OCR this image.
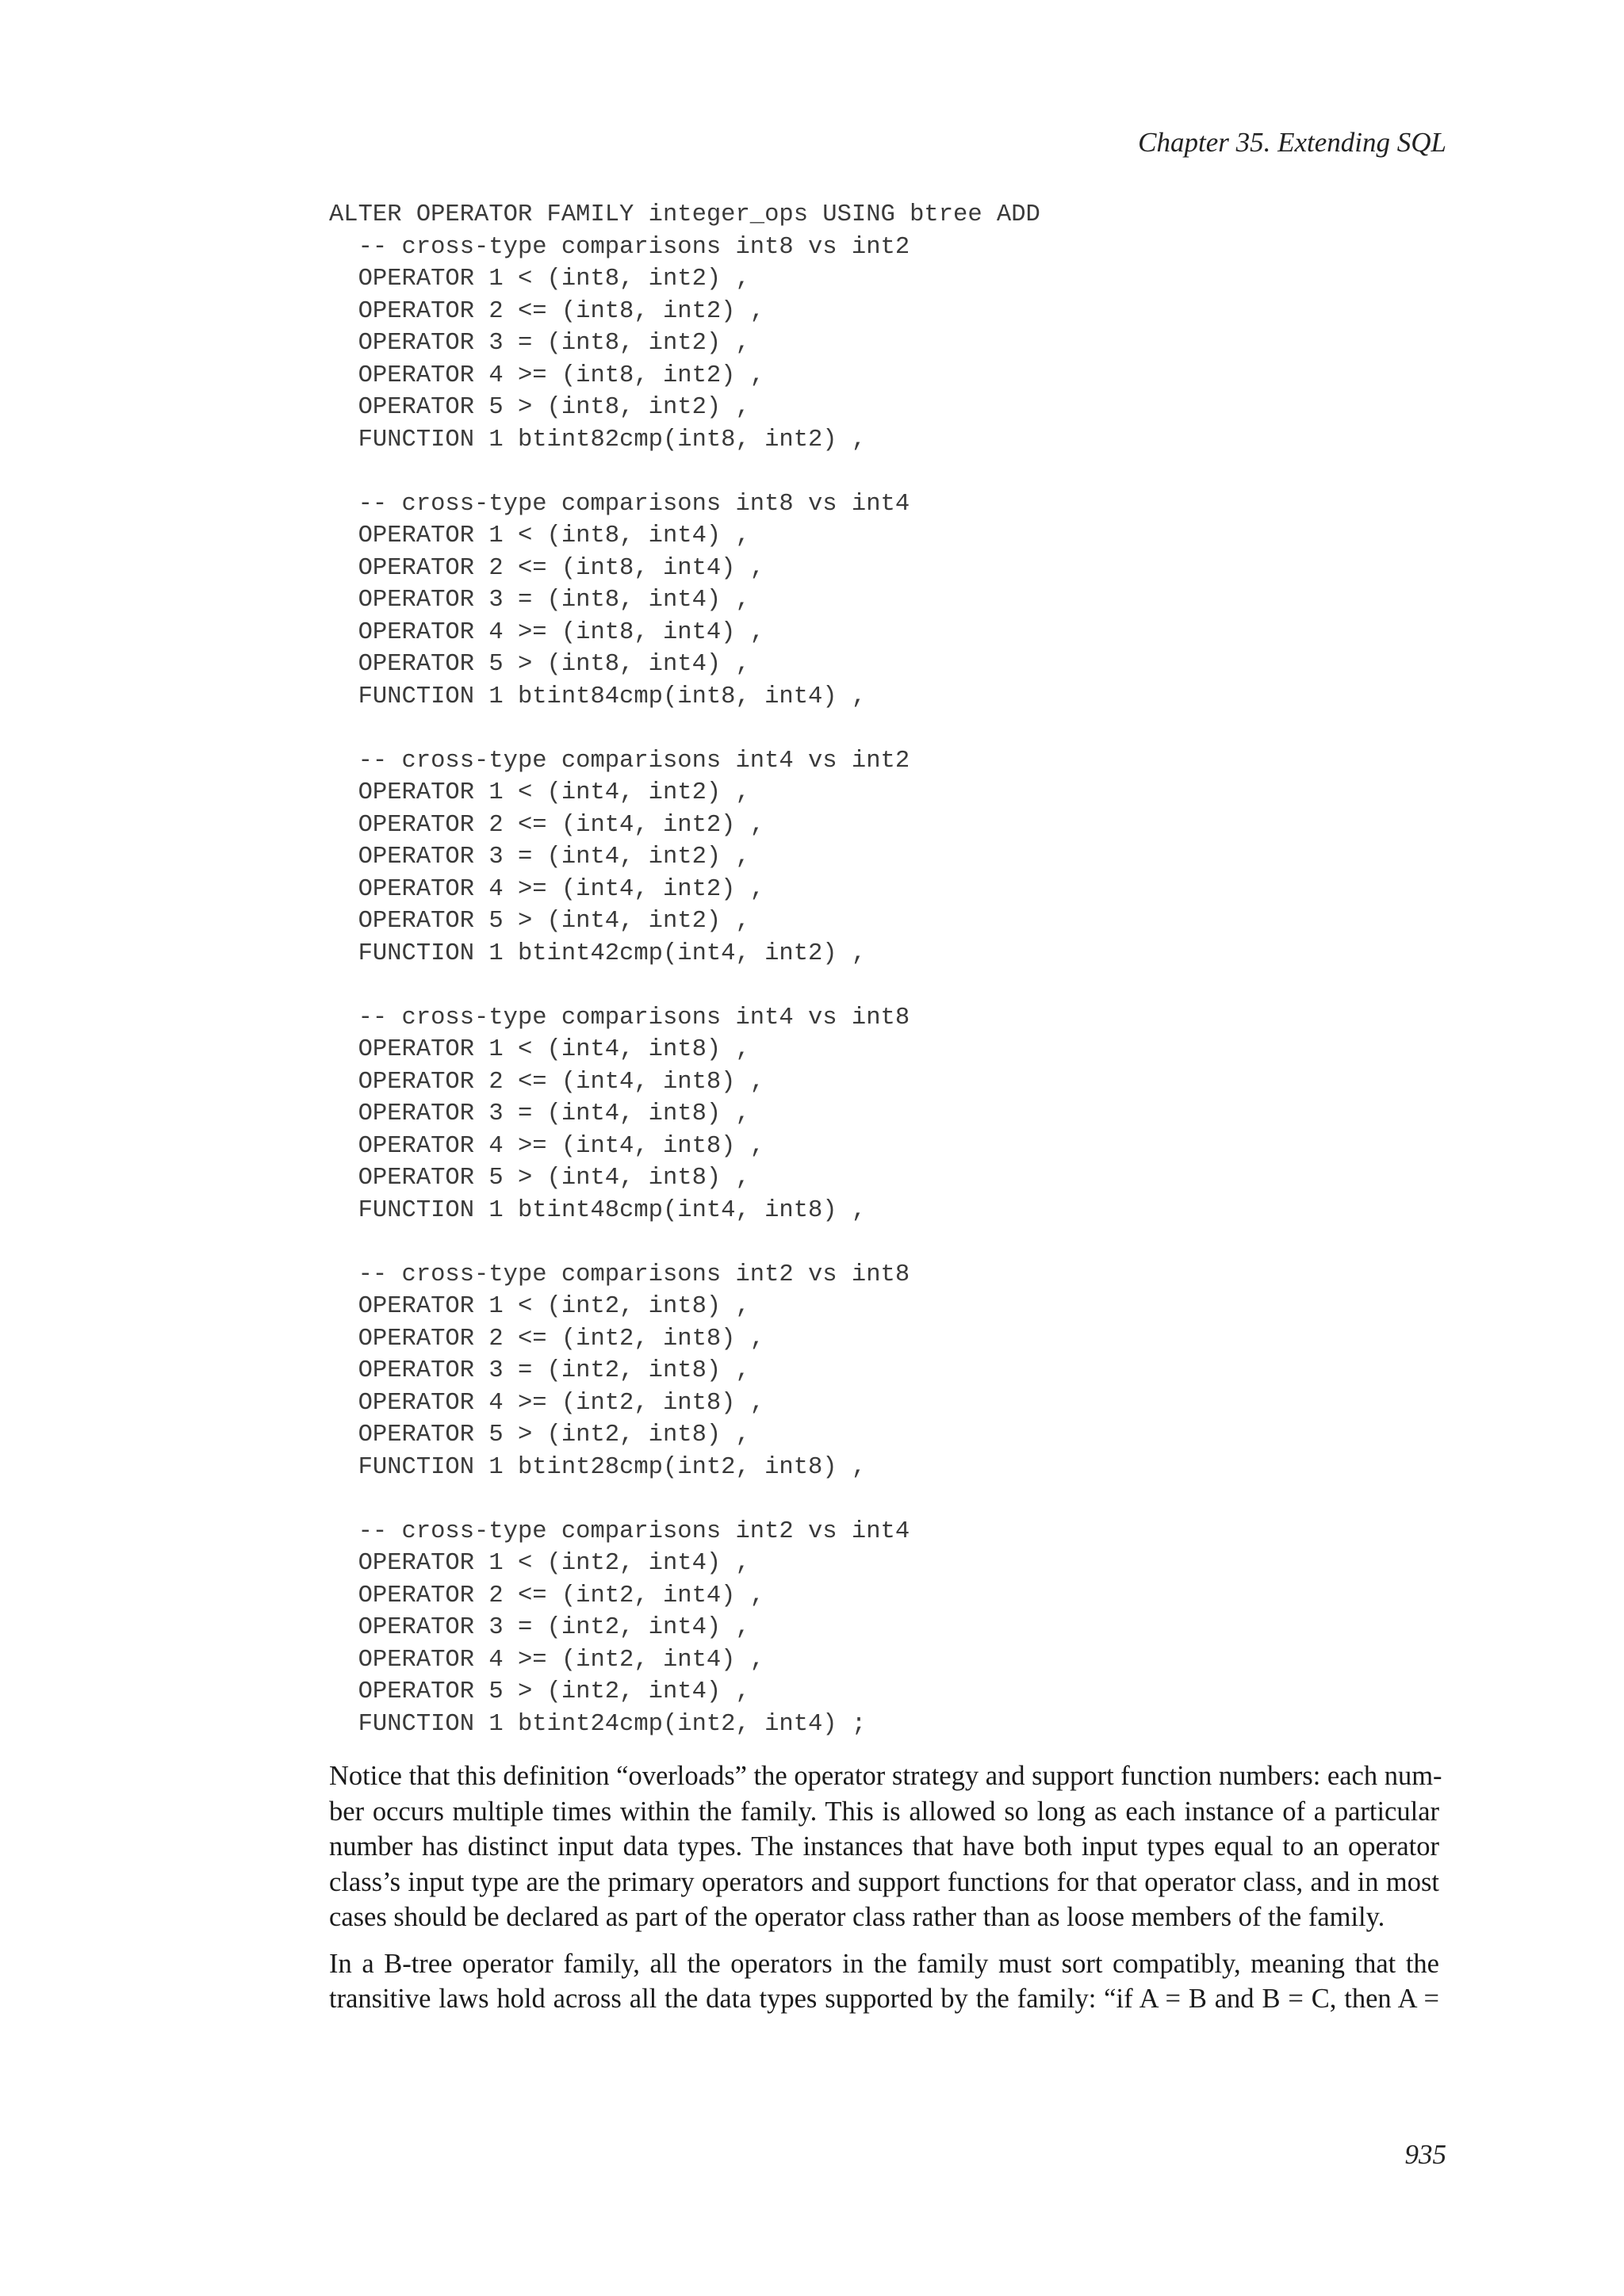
Chapter 35. Extending SQL
ALTER OPERATOR FAMILY integer_ops USING btree ADD
-- cross-type comparisons int8 vs int2
OPERATOR 1 < (int8, int2) ,
OPERATOR 2 <= (int8, int2) ,
OPERATOR 3 = (int8, int2) ,
OPERATOR 4 >= (int8, int2) ,
OPERATOR 5 > (int8, int2) ,
FUNCTION 1 btint82cmp(int8, int2) ,
-- cross-type comparisons int8 vs int4
OPERATOR 1 < (int8, int4) ,
OPERATOR 2 <= (int8, int4) ,
OPERATOR 3 = (int8, int4) ,
OPERATOR 4 >= (int8, int4) ,
OPERATOR 5 > (int8, int4) ,
FUNCTION 1 btint84cmp(int8, int4) ,
-- cross-type comparisons int4 vs int2
OPERATOR 1 < (int4, int2) ,
OPERATOR 2 <= (int4, int2) ,
OPERATOR 3 = (int4, int2) ,
OPERATOR 4 >= (int4, int2) ,
OPERATOR 5 > (int4, int2) ,
FUNCTION 1 btint42cmp(int4, int2) ,
-- cross-type comparisons int4 vs int8
OPERATOR 1 < (int4, int8) ,
OPERATOR 2 <= (int4, int8) ,
OPERATOR 3 = (int4, int8) ,
OPERATOR 4 >= (int4, int8) ,
OPERATOR 5 > (int4, int8) ,
FUNCTION 1 btint48cmp(int4, int8) ,
-- cross-type comparisons int2 vs int8
OPERATOR 1 < (int2, int8) ,
OPERATOR 2 <= (int2, int8) ,
OPERATOR 3 = (int2, int8) ,
OPERATOR 4 >= (int2, int8) ,
OPERATOR 5 > (int2, int8) ,
FUNCTION 1 btint28cmp(int2, int8) ,
-- cross-type comparisons int2 vs int4
OPERATOR 1 < (int2, int4) ,
OPERATOR 2 <= (int2, int4) ,
OPERATOR 3 = (int2, int4) ,
OPERATOR 4 >= (int2, int4) ,
OPERATOR 5 > (int2, int4) ,
FUNCTION 1 btint24cmp(int2, int4) ;

Notice that this definition “overloads” the operator strategy and support function numbers: each num-
ber occurs multiple times within the family. This is allowed so long as each instance of a particular
number has distinct input data types. The instances that have both input types equal to an operator
class’s input type are the primary operators and support functions for that operator class, and in most
cases should be declared as part of the operator class rather than as loose members of the family.

In a B-tree operator family, all the operators in the family must sort compatibly, meaning that the
transitive laws hold across all the data types supported by the family: “if A = B and B = C, then A =

935
